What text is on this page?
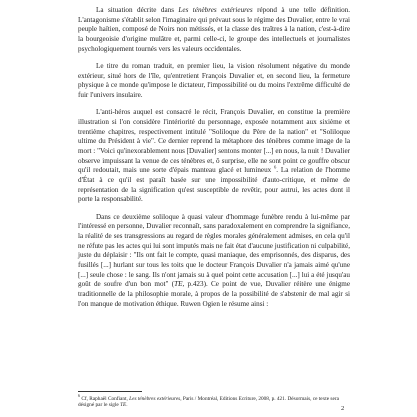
La situation décrite dans Les ténèbres extérieures répond à une telle définition. L'antagonisme s'établit selon l'imaginaire qui prévaut sous le régime des Duvalier, entre le vrai peuple haïtien, composé de Noirs non métissés, et la classe des traîtres à la nation, c'est-à-dire la bourgeoisie d'origine mulâtre et, parmi celle-ci, le groupe des intellectuels et journalistes psychologiquement tournés vers les valeurs occidentales.

Le titre du roman traduit, en premier lieu, la vision résolument négative du monde extérieur, situé hors de l'île, qu'entretient François Duvalier et, en second lieu, la fermeture physique à ce monde qu'impose le dictateur, l'impossibilité ou du moins l'extrême difficulté de fuir l'univers insulaire.

L'anti-héros auquel est consacré le récit, François Duvalier, en constitue la première illustration si l'on considère l'intériorité du personnage, exposée notamment aux sixième et trentième chapitres, respectivement intitulé "Soliloque du Père de la nation" et "Soliloque ultime du Président à vie". Ce dernier reprend la métaphore des ténèbres comme image de la mort : "Voici qu'inexorablement nous [Duvalier] sentons monter [...] en nous, la nuit ! Duvalier observe impuissant la venue de ces ténèbres et, ô surprise, elle ne sont point ce gouffre obscur qu'il redoutait, mais une sorte d'épais manteau glacé et lumineux $^6$. La relation de l'homme d'État à ce qu'il est paraît basée sur une impossibilité d'auto-critique, et même de représentation de la signification qu'est susceptible de revêtir, pour autrui, les actes dont il porte la responsabilité.

Dans ce deuxième soliloque à quasi valeur d'hommage funèbre rendu à lui-même par l'intéressé en personne, Duvalier reconnaît, sans paradoxalement en comprendre la signifiance, la réalité de ses transgressions au regard de règles morales généralement admises, en cela qu'il ne réfute pas les actes qui lui sont imputés mais ne fait état d'aucune justification ni culpabilité, juste du déplaisir : "Ils ont fait le compte, quasi maniaque, des emprisonnés, des disparus, des fusillés [...] hurlant sur tous les toits que le docteur François Duvalier n'a jamais aimé qu'une [...] seule chose : le sang. Ils n'ont jamais su à quel point cette accusation [...] lui a été jusqu'au goût de soufre d'un bon mot" (TE, p.423). Ce point de vue, Duvalier réitère une énigme traditionnelle de la philosophie morale, à propos de la possibilité de s'abstenir de mal agir si l'on manque de motivation éthique. Ruwen Ogien le résume ainsi :

$^6$ Cf, Raphaël Confiant, Les ténèbres extérieures, Paris / Montréal, Editions Ecriture, 2008, p. 421. Désormais, ce texte sera désigné par le sigle TE.	2
